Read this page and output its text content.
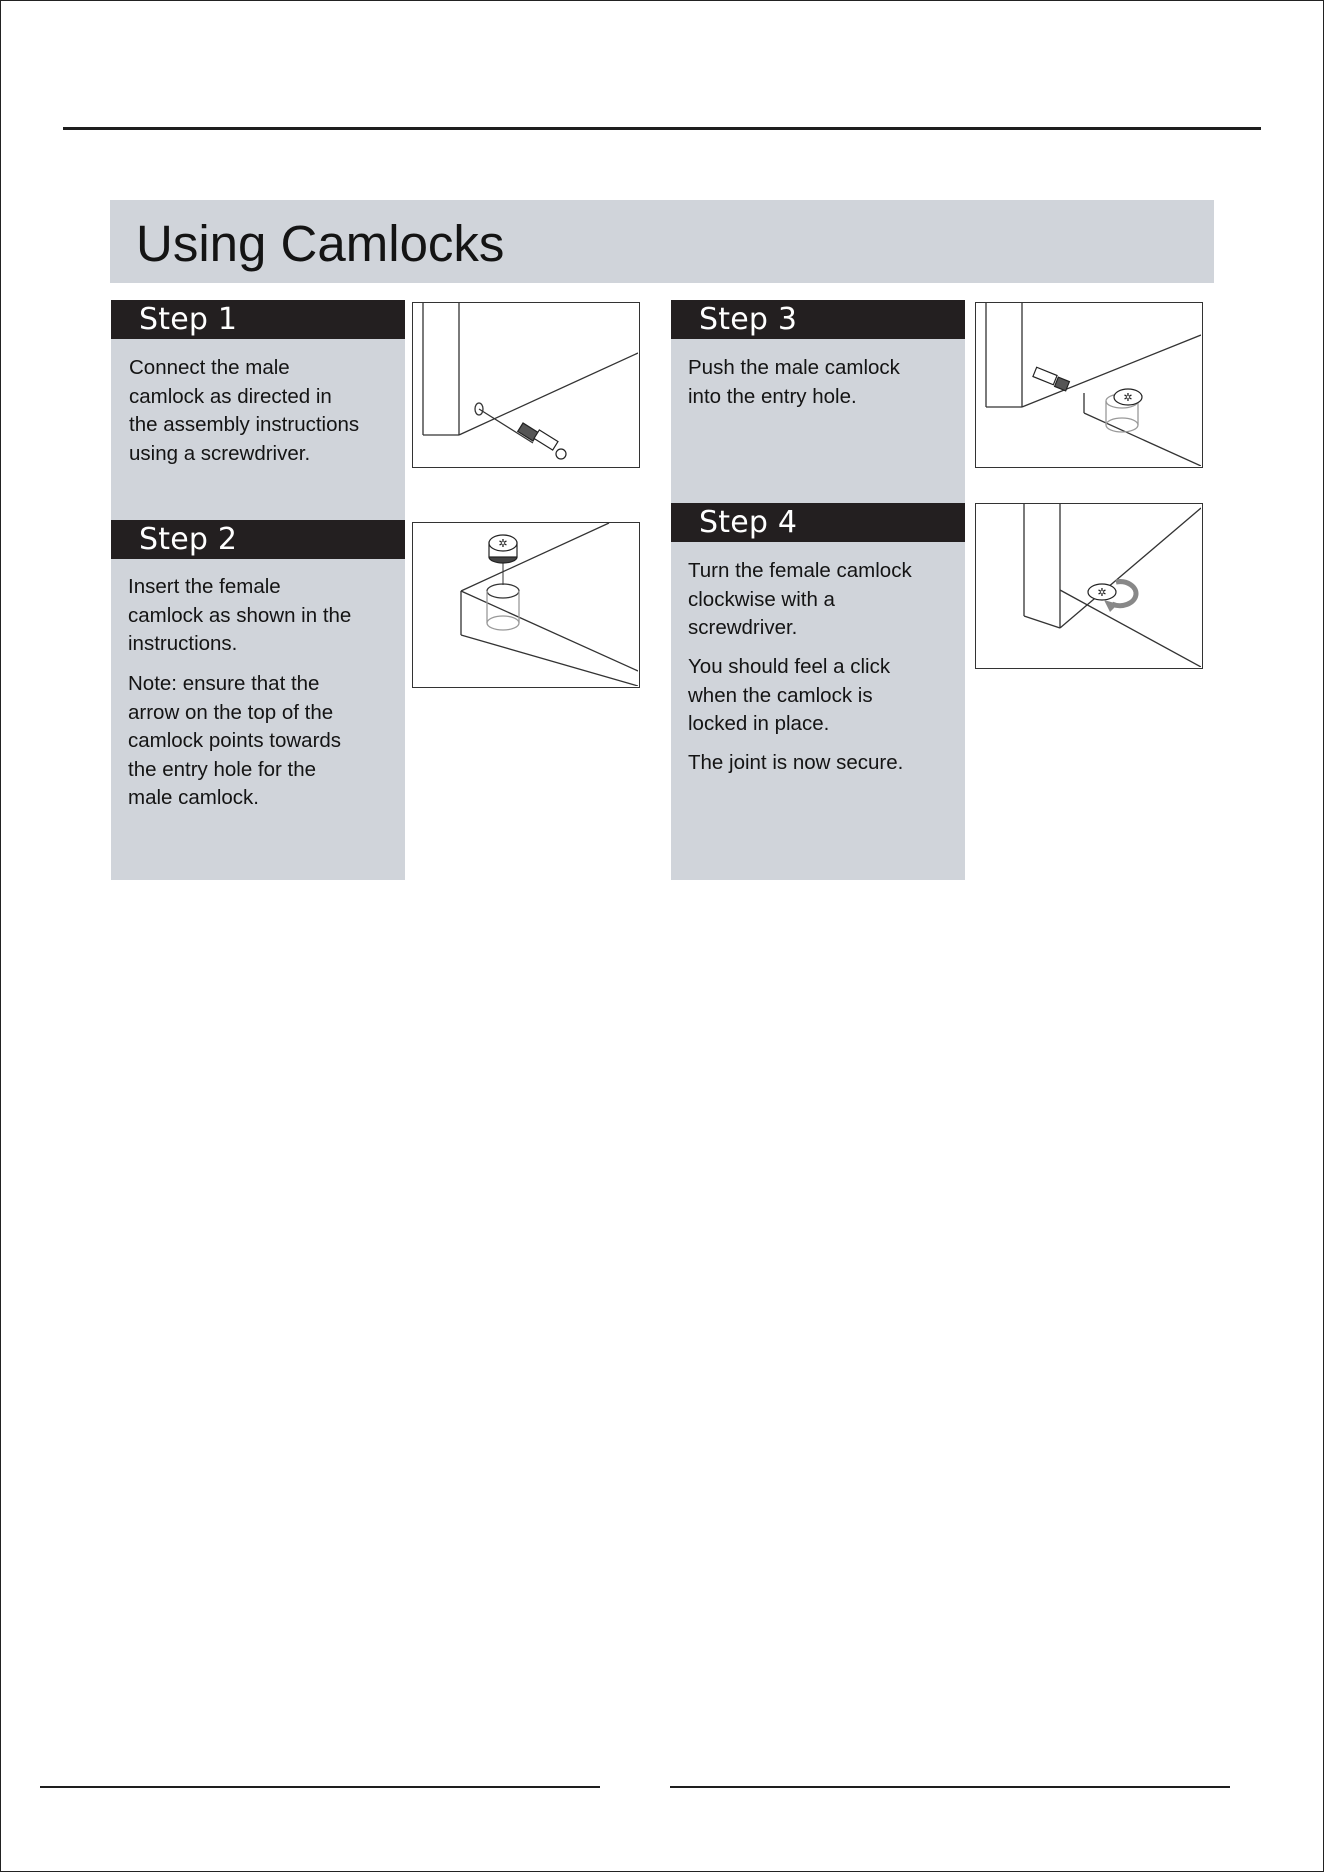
Using Camlocks
Step 1
Connect the male
camlock as directed in
the assembly instructions
using a screwdriver.
Step 2
Insert the female
camlock as shown in the
instructions.
Note: ensure that the
arrow on the top of the
camlock points towards
the entry hole for the
male camlock.
Step 3
Push the male camlock
into the entry hole.
Step 4
Turn the female camlock
clockwise with a
screwdriver.
You should feel a click
when the camlock is
locked in place.
The joint is now secure.
✲
✲
✲
